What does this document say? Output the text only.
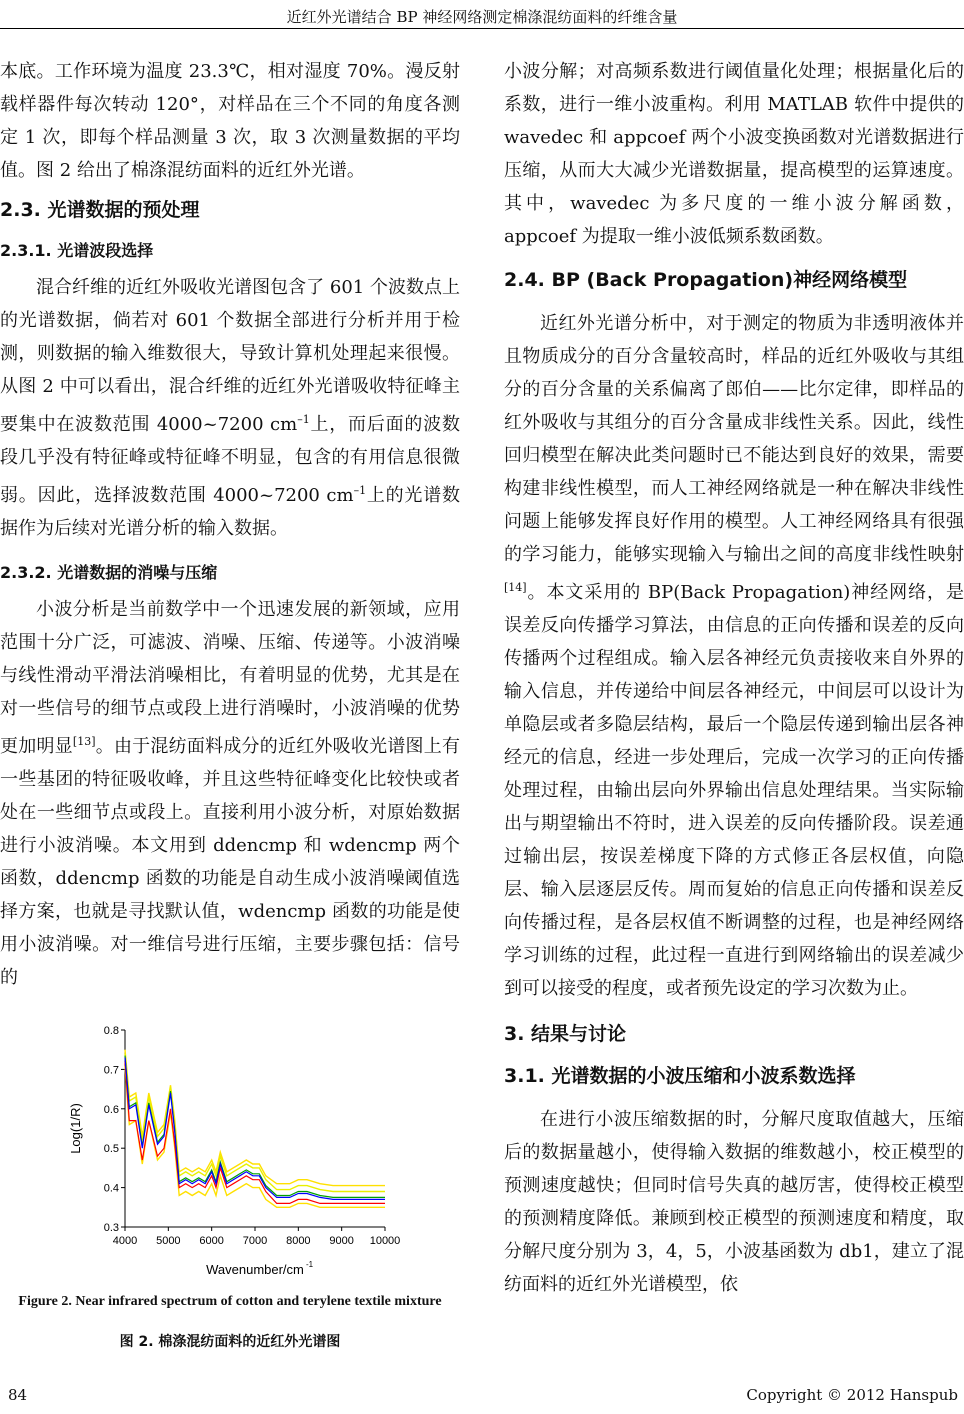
近红外光谱结合 BP 神经网络测定棉涤混纺面料的纤维含量

本底。工作环境为温度 23.3℃，相对湿度 70%。漫反射载样器件每次转动 120°，对样品在三个不同的角度各测定 1 次，即每个样品测量 3 次，取 3 次测量数据的平均值。图 2 给出了棉涤混纺面料的近红外光谱。

2.3. 光谱数据的预处理
2.3.1. 光谱波段选择

混合纤维的近红外吸收光谱图包含了 601 个波数点上的光谱数据，倘若对 601 个数据全部进行分析并用于检测，则数据的输入维数很大，导致计算机处理起来很慢。从图 2 中可以看出，混合纤维的近红外光谱吸收特征峰主要集中在波数范围 4000~7200 $cm^{-1}$上，而后面的波数段几乎没有特征峰或特征峰不明显，包含的有用信息很微弱。因此，选择波数范围 4000~7200 $cm^{-1}$上的光谱数据作为后续对光谱分析的输入数据。

2.3.2. 光谱数据的消噪与压缩

小波分析是当前数学中一个迅速发展的新领域，应用范围十分广泛，可滤波、消噪、压缩、传递等。小波消噪与线性滑动平滑法消噪相比，有着明显的优势，尤其是在对一些信号的细节点或段上进行消噪时，小波消噪的优势更加明显[13]。由于混纺面料成分的近红外吸收光谱图上有一些基团的特征吸收峰，并且这些特征峰变化比较快或者处在一些细节点或段上。直接利用小波分析，对原始数据进行小波消噪。本文用到 ddencmp 和 wdencmp 两个函数，ddencmp 函数的功能是自动生成小波消噪阈值选择方案，也就是寻找默认值，wdencmp 函数的功能是使用小波消噪。对一维信号进行压缩，主要步骤包括：信号的

0.3
0.4
0.5
0.6
0.7
0.8
4000 5000 6000 7000 8000 9000 10000
Wavenumber/cm -1
Log(1/R)
Figure 2. Near infrared spectrum of cotton and terylene textile mixture
图 2. 棉涤混纺面料的近红外光谱图

小波分解；对高频系数进行阈值量化处理；根据量化后的系数，进行一维小波重构。利用 MATLAB 软件中提供的 wavedec 和 appcoef 两个小波变换函数对光谱数据进行压缩，从而大大减少光谱数据量，提高模型的运算速度。其中，wavedec 为多尺度的一维小波分解函数，appcoef 为提取一维小波低频系数函数。

2.4. BP (Back Propagation)神经网络模型

近红外光谱分析中，对于测定的物质为非透明液体并且物质成分的百分含量较高时，样品的近红外吸收与其组分的百分含量的关系偏离了郎伯——比尔定律，即样品的红外吸收与其组分的百分含量成非线性关系。因此，线性回归模型在解决此类问题时已不能达到良好的效果，需要构建非线性模型，而人工神经网络就是一种在解决非线性问题上能够发挥良好作用的模型。人工神经网络具有很强的学习能力，能够实现输入与输出之间的高度非线性映射[14]。本文采用的 BP(Back Propagation)神经网络，是误差反向传播学习算法，由信息的正向传播和误差的反向传播两个过程组成。输入层各神经元负责接收来自外界的输入信息，并传递给中间层各神经元，中间层可以设计为单隐层或者多隐层结构，最后一个隐层传递到输出层各神经元的信息，经进一步处理后，完成一次学习的正向传播处理过程，由输出层向外界输出信息处理结果。当实际输出与期望输出不符时，进入误差的反向传播阶段。误差通过输出层，按误差梯度下降的方式修正各层权值，向隐层、输入层逐层反传。周而复始的信息正向传播和误差反向传播过程，是各层权值不断调整的过程，也是神经网络学习训练的过程，此过程一直进行到网络输出的误差减少到可以接受的程度，或者预先设定的学习次数为止。

3. 结果与讨论
3.1. 光谱数据的小波压缩和小波系数选择

在进行小波压缩数据的时，分解尺度取值越大，压缩后的数据量越小，使得输入数据的维数越小，校正模型的预测速度越快；但同时信号失真的越厉害，使得校正模型的预测精度降低。兼顾到校正模型的预测速度和精度，取分解尺度分别为 3，4，5，小波基函数为 db1，建立了混纺面料的近红外光谱模型，依

84	Copyright © 2012 Hanspub
